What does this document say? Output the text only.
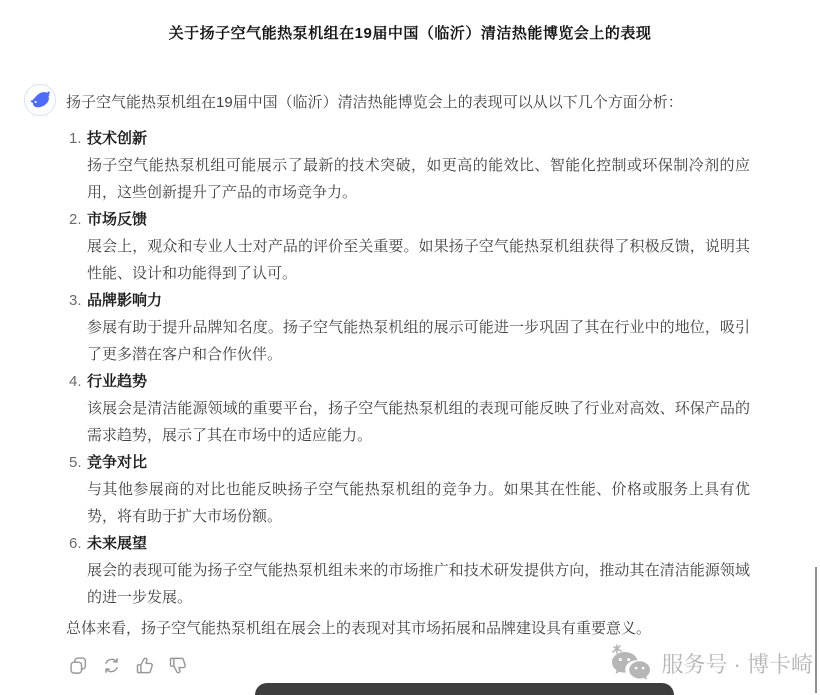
关于扬子空气能热泵机组在19届中国（临沂）清洁热能博览会上的表现

扬子空气能热泵机组在19届中国（临沂）清洁热能博览会上的表现可以从以下几个方面分析：

1. 技术创新

扬子空气能热泵机组可能展示了最新的技术突破，如更高的能效比、智能化控制或环保制冷剂的应用，这些创新提升了产品的市场竞争力。

2. 市场反馈

展会上，观众和专业人士对产品的评价至关重要。如果扬子空气能热泵机组获得了积极反馈，说明其性能、设计和功能得到了认可。

3. 品牌影响力

参展有助于提升品牌知名度。扬子空气能热泵机组的展示可能进一步巩固了其在行业中的地位，吸引了更多潜在客户和合作伙伴。

4. 行业趋势

该展会是清洁能源领域的重要平台，扬子空气能热泵机组的表现可能反映了行业对高效、环保产品的需求趋势，展示了其在市场中的适应能力。

5. 竞争对比

与其他参展商的对比也能反映扬子空气能热泵机组的竞争力。如果其在性能、价格或服务上具有优势，将有助于扩大市场份额。

6. 未来展望

展会的表现可能为扬子空气能热泵机组未来的市场推广和技术研发提供方向，推动其在清洁能源领域的进一步发展。

总体来看，扬子空气能热泵机组在展会上的表现对其市场拓展和品牌建设具有重要意义。

服务号 · 博卡崎
